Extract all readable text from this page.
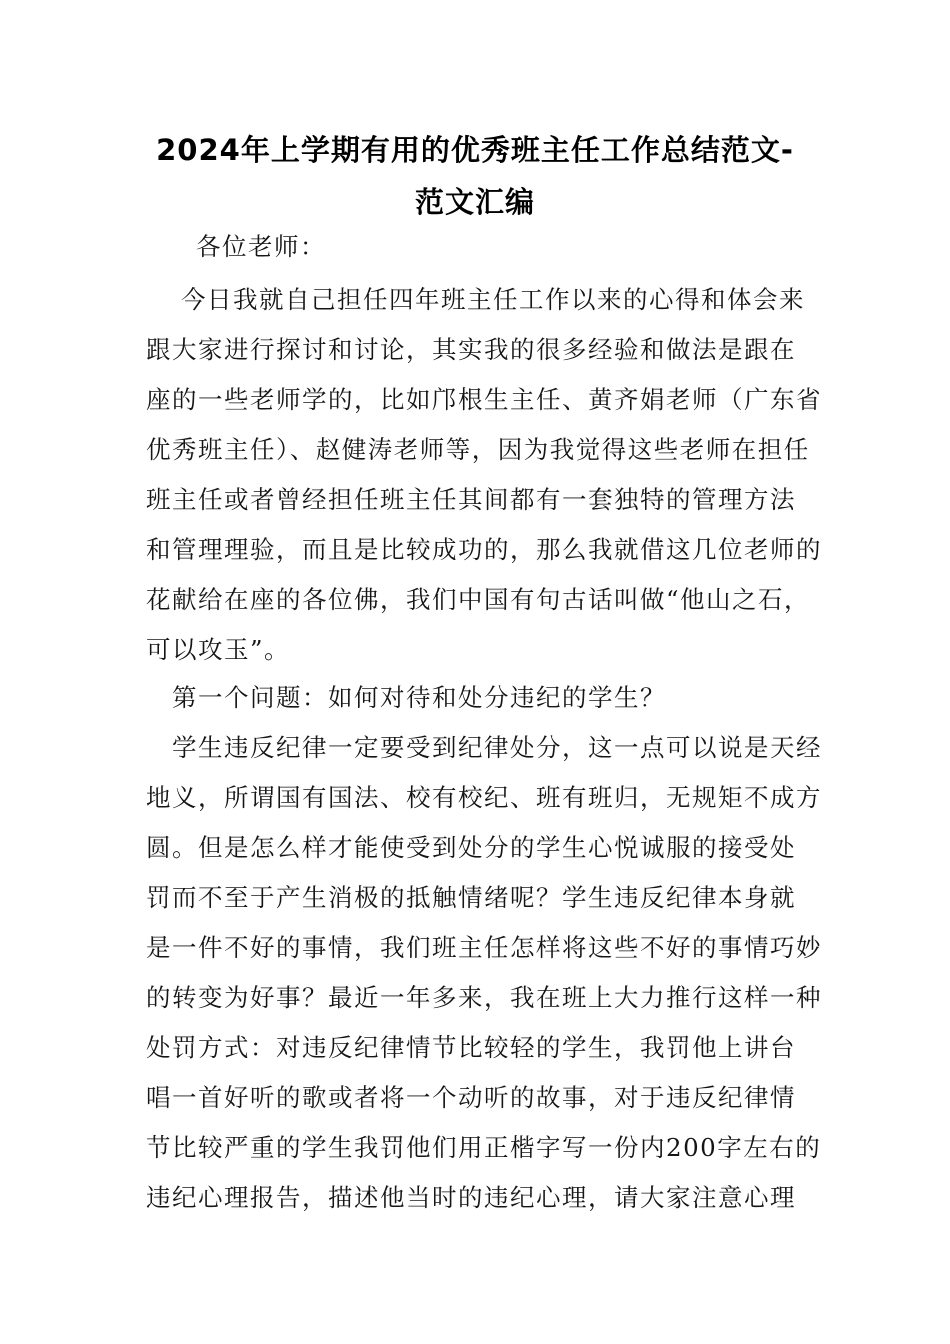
2024年上学期有用的优秀班主任工作总结范文-
范文汇编
各位老师：
今日我就自己担任四年班主任工作以来的心得和体会来
跟大家进行探讨和讨论，其实我的很多经验和做法是跟在
座的一些老师学的，比如邝根生主任、黄齐娟老师（广东省
优秀班主任）、赵健涛老师等，因为我觉得这些老师在担任
班主任或者曾经担任班主任其间都有一套独特的管理方法
和管理理验，而且是比较成功的，那么我就借这几位老师的
花献给在座的各位佛，我们中国有句古话叫做“他山之石，
可以攻玉”。
第一个问题：如何对待和处分违纪的学生？
学生违反纪律一定要受到纪律处分，这一点可以说是天经
地义，所谓国有国法、校有校纪、班有班归，无规矩不成方
圆。但是怎么样才能使受到处分的学生心悦诚服的接受处
罚而不至于产生消极的抵触情绪呢？学生违反纪律本身就
是一件不好的事情，我们班主任怎样将这些不好的事情巧妙
的转变为好事？最近一年多来，我在班上大力推行这样一种
处罚方式：对违反纪律情节比较轻的学生，我罚他上讲台
唱一首好听的歌或者将一个动听的故事，对于违反纪律情
节比较严重的学生我罚他们用正楷字写一份内200字左右的
违纪心理报告，描述他当时的违纪心理，请大家注意心理
